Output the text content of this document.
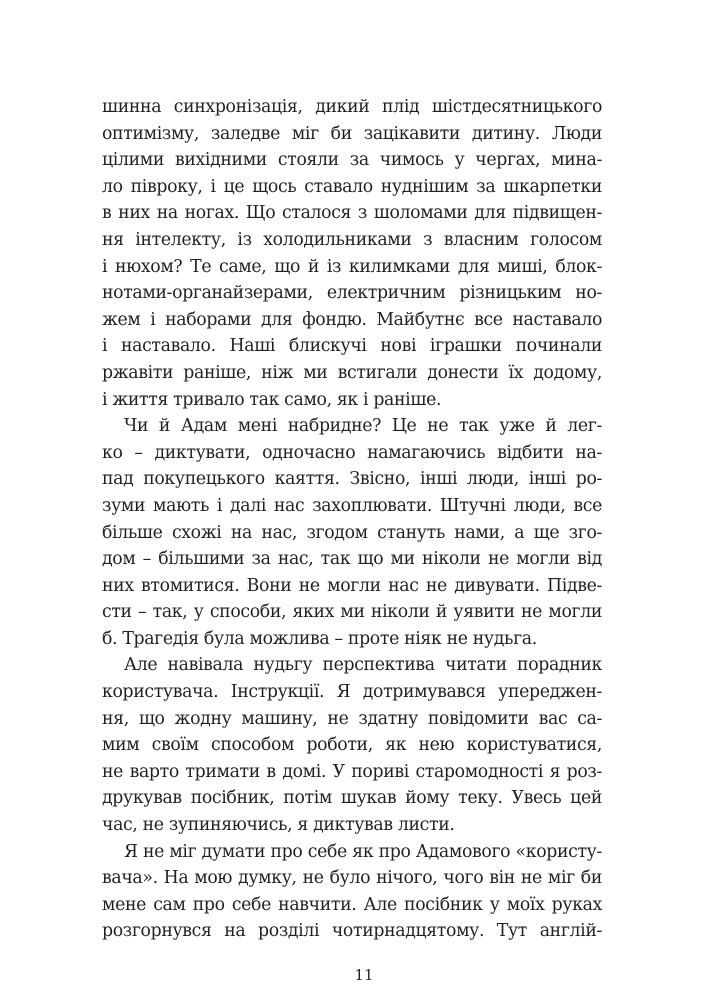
шинна синхронізація, дикий плід шістдесятницького
оптимізму, заледве міг би зацікавити дитину. Люди
цілими вихідними стояли за чимось у чергах, мина-
ло півроку, і це щось ставало нуднішим за шкарпетки
в них на ногах. Що сталося з шоломами для підвищен-
ня інтелекту, із холодильниками з власним голосом
і нюхом? Те саме, що й із килимками для миші, блок-
нотами-органайзерами, електричним різницьким но-
жем і наборами для фондю. Майбутнє все наставало
і наставало. Наші блискучі нові іграшки починали
ржавіти раніше, ніж ми встигали донести їх додому,
і життя тривало так само, як і раніше.
Чи й Адам мені набридне? Це не так уже й лег-
ко – диктувати, одночасно намагаючись відбити на-
пад покупецького каяття. Звісно, інші люди, інші ро-
зуми мають і далі нас захоплювати. Штучні люди, все
більше схожі на нас, згодом стануть нами, а ще зго-
дом – більшими за нас, так що ми ніколи не могли від
них втомитися. Вони не могли нас не дивувати. Підве-
сти – так, у способи, яких ми ніколи й уявити не могли
б. Трагедія була можлива – проте ніяк не нудьга.
Але навівала нудьгу перспектива читати порадник
користувача. Інструкції. Я дотримувався упереджен-
ня, що жодну машину, не здатну повідомити вас са-
мим своїм способом роботи, як нею користуватися,
не варто тримати в домі. У пориві старомодності я роз-
друкував посібник, потім шукав йому теку. Увесь цей
час, не зупиняючись, я диктував листи.
Я не міг думати про себе як про Адамового «користу-
вача». На мою думку, не було нічого, чого він не міг би
мене сам про себе навчити. Але посібник у моїх руках
розгорнувся на розділі чотирнадцятому. Тут англій-
11
